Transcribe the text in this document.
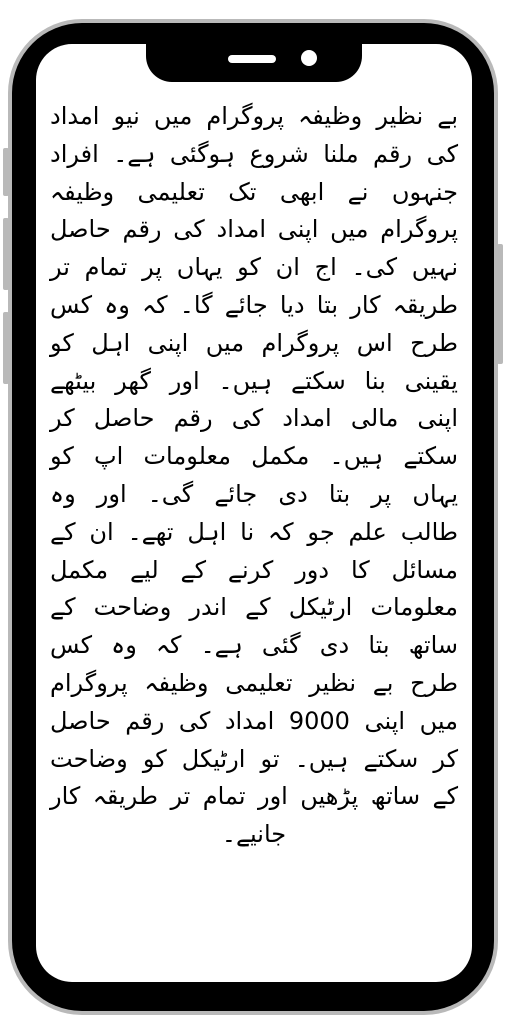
بے نظیر وظیفہ پروگرام میں نیو امداد کی رقم ملنا شروع ہوگئی ہے۔ افراد جنہوں نے ابھی تک تعلیمی وظیفہ پروگرام میں اپنی امداد کی رقم حاصل نہیں کی۔ اج ان کو یہاں پر تمام تر طریقہ کار بتا دیا جائے گا۔ کہ وہ کس طرح اس پروگرام میں اپنی اہل کو یقینی بنا سکتے ہیں۔ اور گھر بیٹھے اپنی مالی امداد کی رقم حاصل کر سکتے ہیں۔ مکمل معلومات اپ کو یہاں پر بتا دی جائے گی۔ اور وہ طالب علم جو کہ نا اہل تھے۔ ان کے مسائل کا دور کرنے کے لیے مکمل معلومات ارٹیکل کے اندر وضاحت کے ساتھ بتا دی گئی ہے۔ کہ وہ کس طرح بے نظیر تعلیمی وظیفہ پروگرام میں اپنی 9000 امداد کی رقم حاصل کر سکتے ہیں۔ تو ارٹیکل کو وضاحت کے ساتھ پڑھیں اور تمام تر طریقہ کار جانیے۔
